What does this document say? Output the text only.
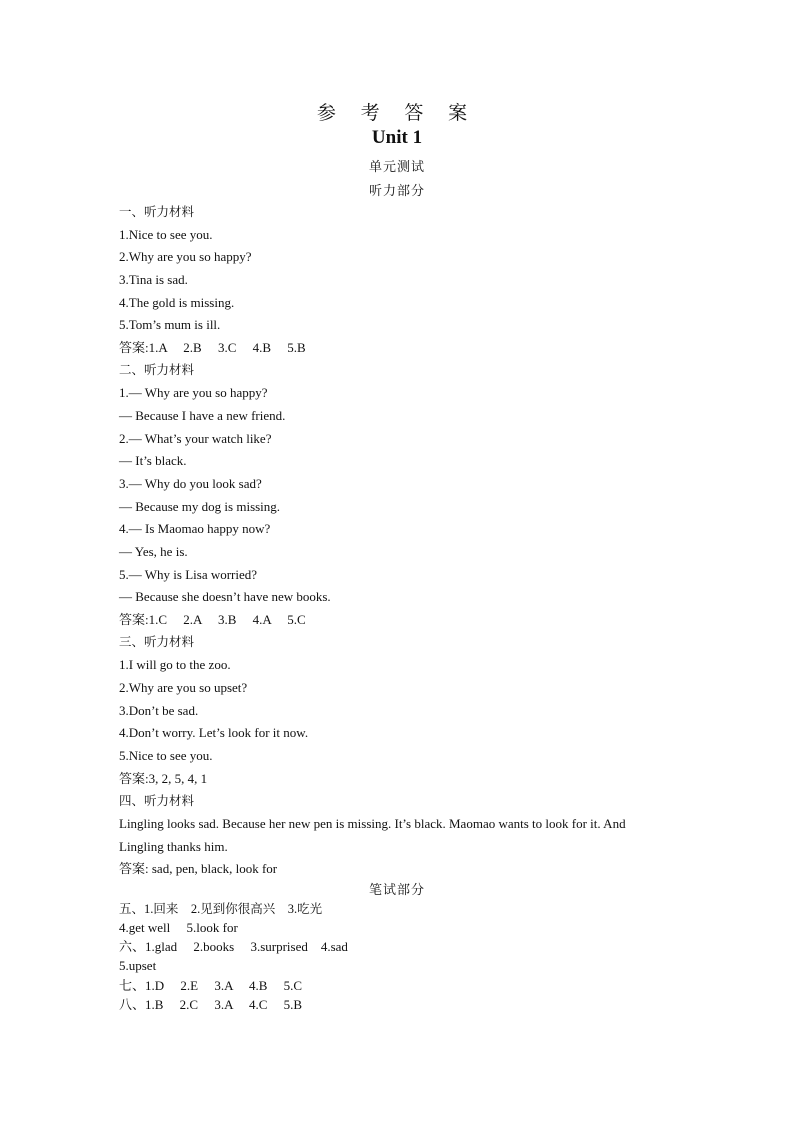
参 考 答 案
Unit 1
单元测试
听力部分
一、听力材料
1.Nice to see you.
2.Why are you so happy?
3.Tina is sad.
4.The gold is missing.
5.Tom’s mum is ill.
答案:1.A　 2.B　 3.C　 4.B　 5.B
二、听力材料
1.— Why are you so happy?
— Because I have a new friend.
2.— What’s your watch like?
— It’s black.
3.— Why do you look sad?
— Because my dog is missing.
4.— Is Maomao happy now?
— Yes, he is.
5.— Why is Lisa worried?
— Because she doesn’t have new books.
答案:1.C　 2.A　 3.B　 4.A　 5.C
三、听力材料
1.I will go to the zoo.
2.Why are you so upset?
3.Don’t be sad.
4.Don’t worry. Let’s look for it now.
5.Nice to see you.
答案:3, 2, 5, 4, 1
四、听力材料
Lingling looks sad. Because her new pen is missing. It’s black. Maomao wants to look for it. And
Lingling thanks him.
答案: sad, pen, black, look for
笔试部分
五、1.回来　2.见到你很高兴　3.吃光
4.get well　 5.look for
六、1.glad　 2.books　 3.surprised　4.sad
5.upset
七、1.D　 2.E　 3.A　 4.B　 5.C
八、1.B　 2.C　 3.A　 4.C　 5.B
